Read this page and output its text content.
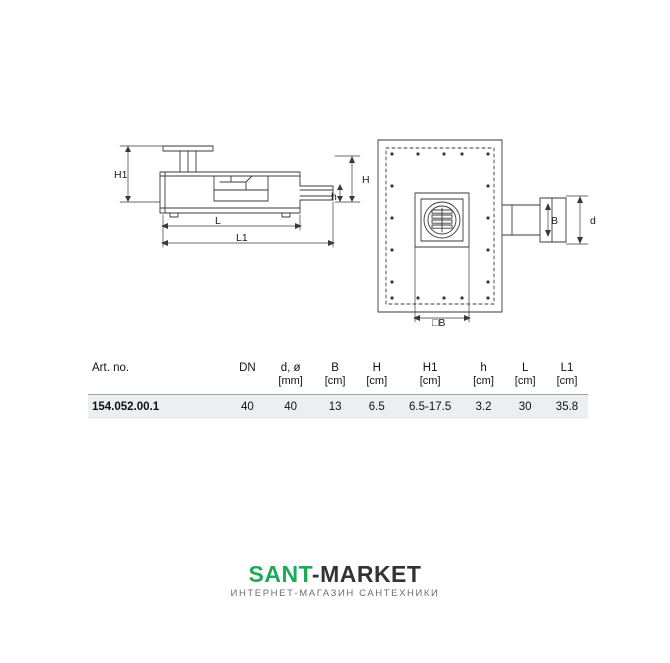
H1	H
h
L
L1
B	d
□B
Art. no.	DN	d, ø	B	H	H1	h	L	L1
		[mm]	[cm]	[cm]	[cm]	[cm]	[cm]	[cm]

154.052.00.1	40	40	13	6.5	6.5-17.5	3.2	30	35.8
SANT-MARKET
ИНТЕРНЕТ-МАГАЗИН САНТЕХНИКИ
